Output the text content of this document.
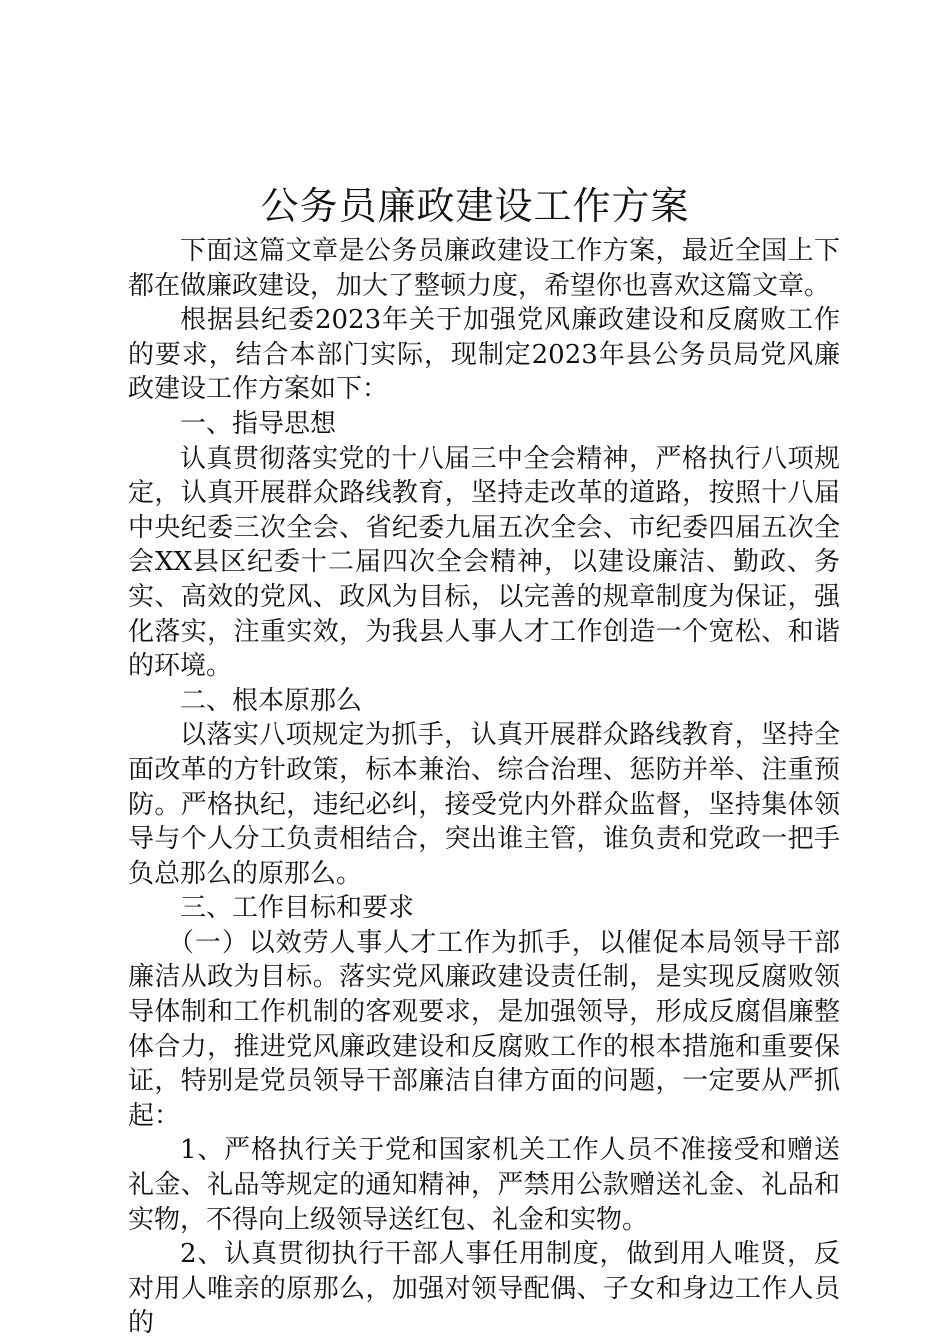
公务员廉政建设工作方案

下面这篇文章是公务员廉政建设工作方案，最近全国上下都在做廉政建设，加大了整顿力度，希望你也喜欢这篇文章。

根据县纪委2023年关于加强党风廉政建设和反腐败工作的要求，结合本部门实际，现制定2023年县公务员局党风廉政建设工作方案如下：

一、指导思想

认真贯彻落实党的十八届三中全会精神，严格执行八项规定，认真开展群众路线教育，坚持走改革的道路，按照十八届中央纪委三次全会、省纪委九届五次全会、市纪委四届五次全会XX县区纪委十二届四次全会精神，以建设廉洁、勤政、务实、高效的党风、政风为目标，以完善的规章制度为保证，强化落实，注重实效，为我县人事人才工作创造一个宽松、和谐的环境。

二、根本原那么

以落实八项规定为抓手，认真开展群众路线教育，坚持全面改革的方针政策，标本兼治、综合治理、惩防并举、注重预防。严格执纪，违纪必纠，接受党内外群众监督，坚持集体领导与个人分工负责相结合，突出谁主管，谁负责和党政一把手负总那么的原那么。

三、工作目标和要求

（一）以效劳人事人才工作为抓手，以催促本局领导干部廉洁从政为目标。落实党风廉政建设责任制，是实现反腐败领导体制和工作机制的客观要求，是加强领导，形成反腐倡廉整体合力，推进党风廉政建设和反腐败工作的根本措施和重要保证，特别是党员领导干部廉洁自律方面的问题，一定要从严抓起：

1、严格执行关于党和国家机关工作人员不准接受和赠送礼金、礼品等规定的通知精神，严禁用公款赠送礼金、礼品和实物，不得向上级领导送红包、礼金和实物。

2、认真贯彻执行干部人事任用制度，做到用人唯贤，反对用人唯亲的原那么，加强对领导配偶、子女和身边工作人员的
